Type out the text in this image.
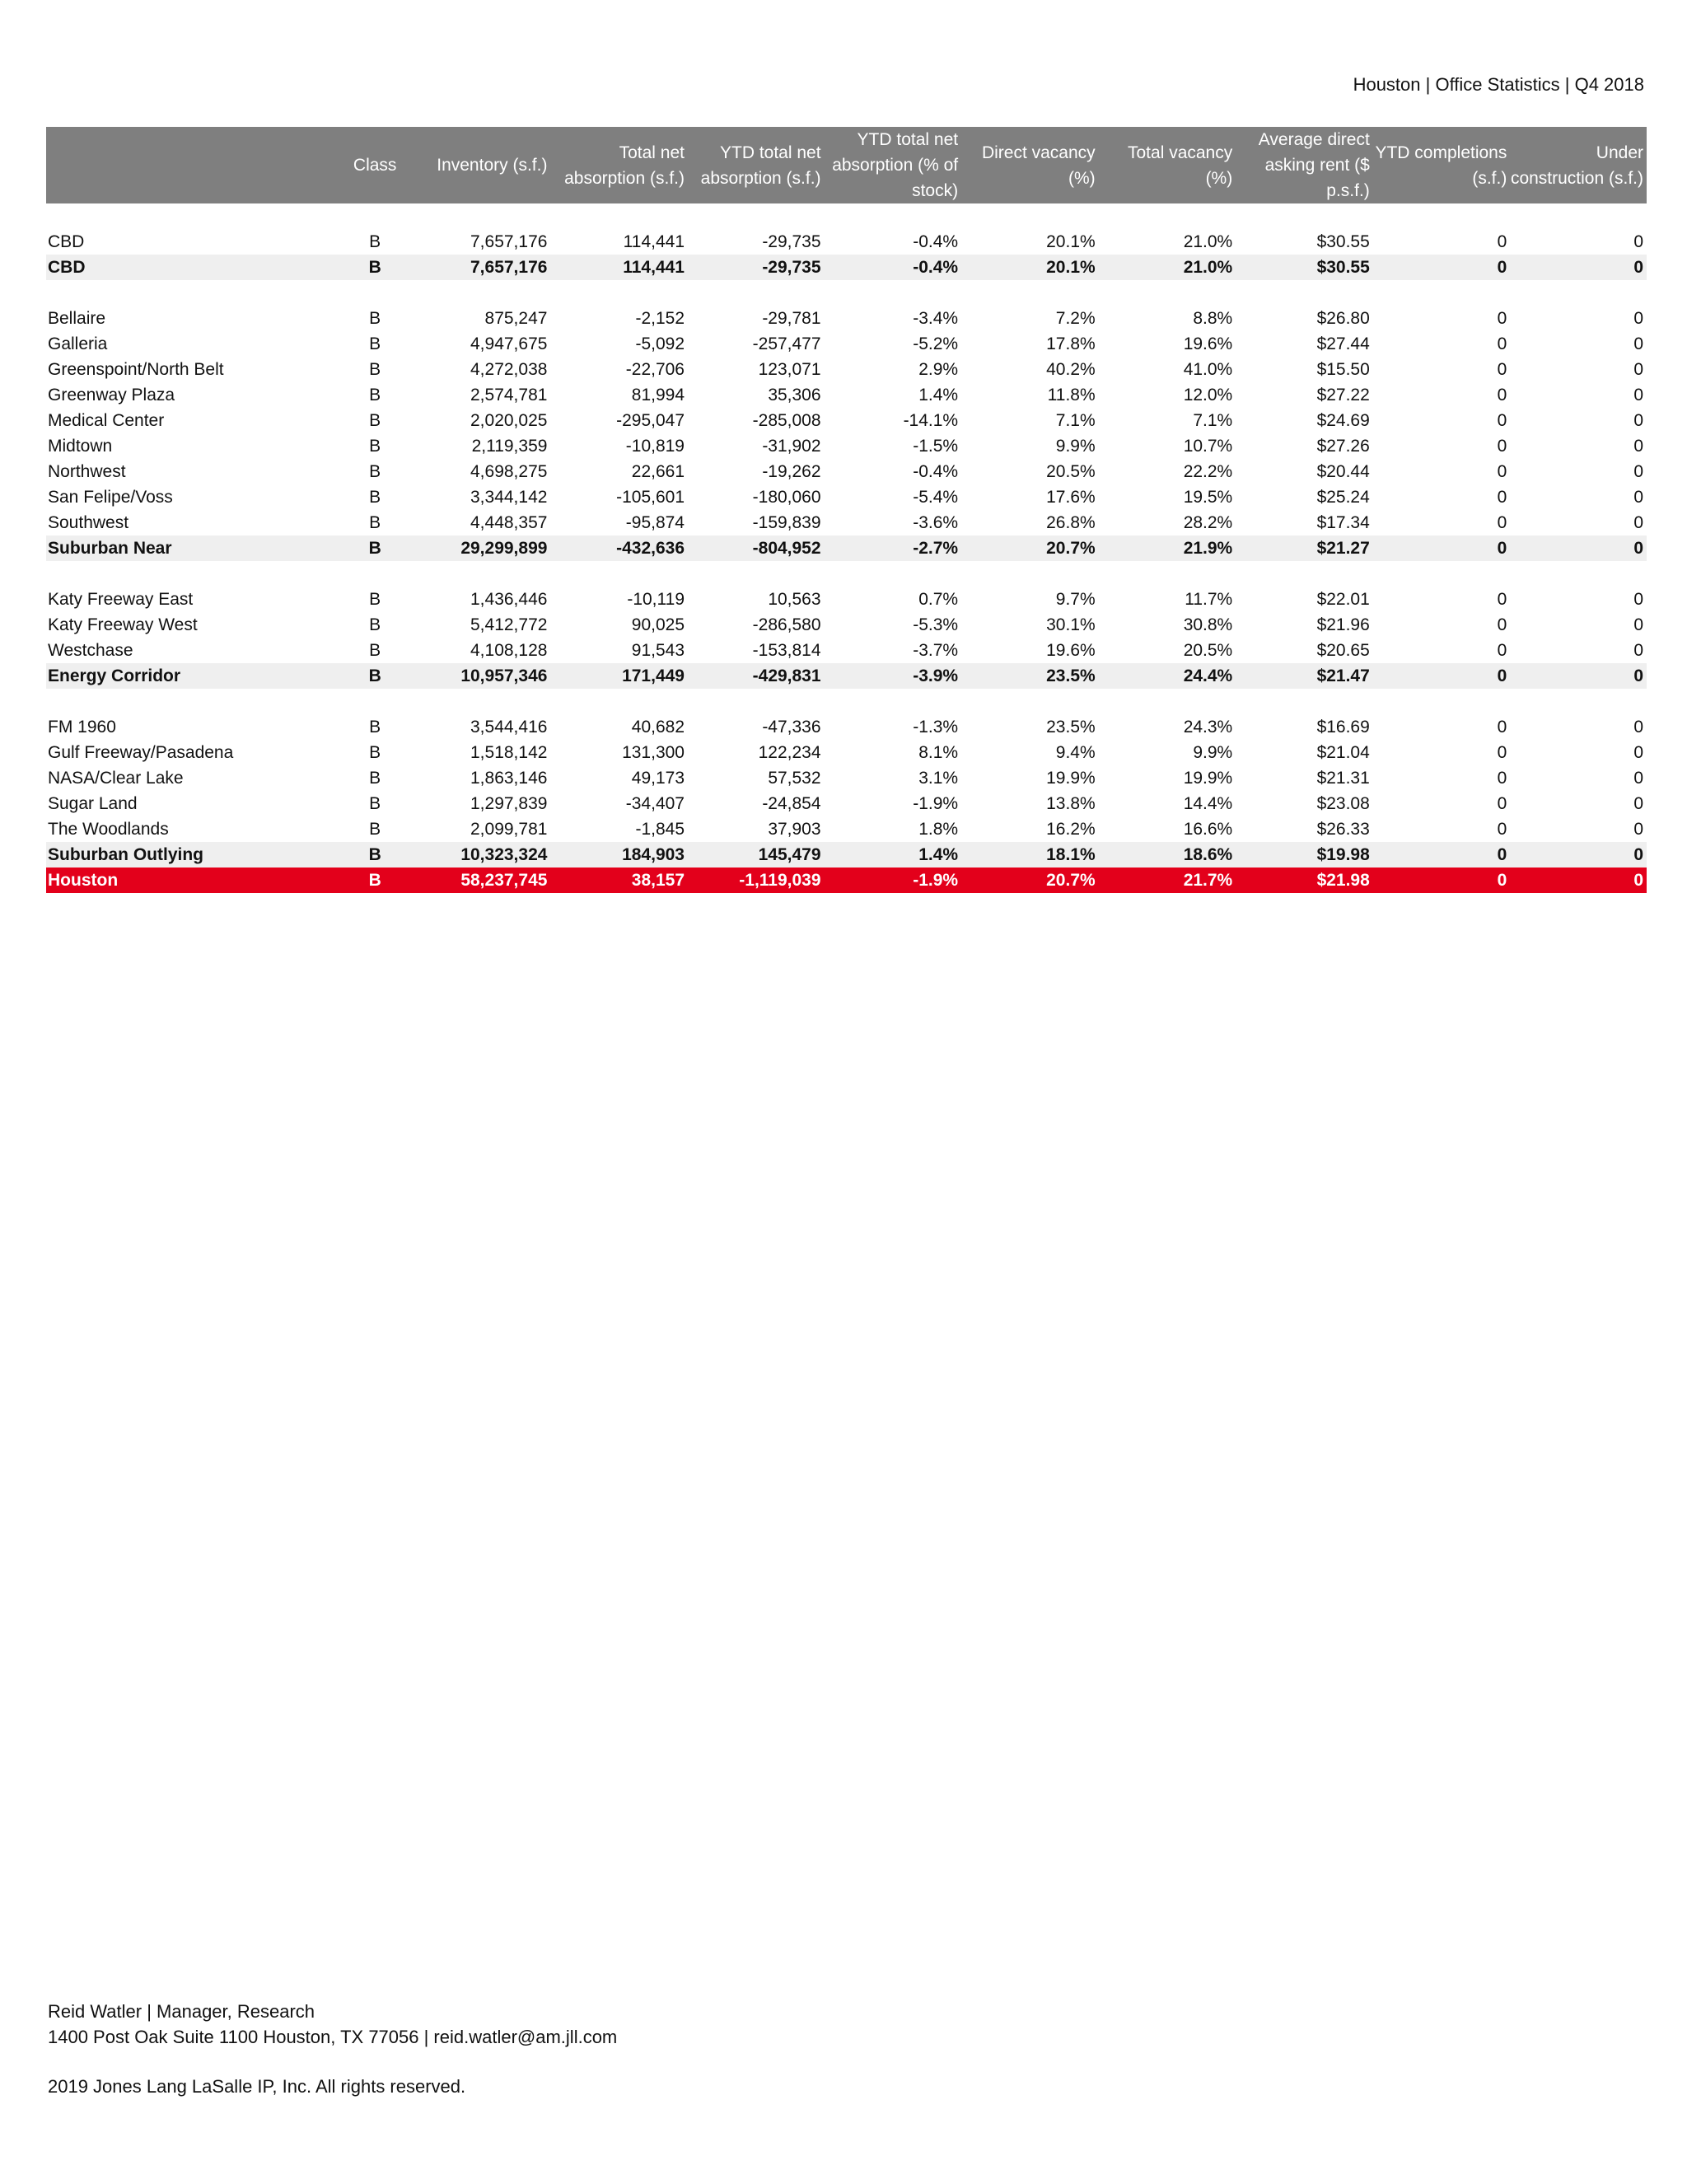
Houston | Office Statistics | Q4 2018
	Class	Inventory (s.f.)	Total net absorption (s.f.)	YTD total net absorption (s.f.)	YTD total net absorption (% of stock)	Direct vacancy (%)	Total vacancy (%)	Average direct asking rent ($ p.s.f.)	YTD completions (s.f.)	Under construction (s.f.)

CBD	B	7,657,176	114,441	-29,735	-0.4%	20.1%	21.0%	$30.55	0	0
CBD	B	7,657,176	114,441	-29,735	-0.4%	20.1%	21.0%	$30.55	0	0

Bellaire	B	875,247	-2,152	-29,781	-3.4%	7.2%	8.8%	$26.80	0	0
Galleria	B	4,947,675	-5,092	-257,477	-5.2%	17.8%	19.6%	$27.44	0	0
Greenspoint/North Belt	B	4,272,038	-22,706	123,071	2.9%	40.2%	41.0%	$15.50	0	0
Greenway Plaza	B	2,574,781	81,994	35,306	1.4%	11.8%	12.0%	$27.22	0	0
Medical Center	B	2,020,025	-295,047	-285,008	-14.1%	7.1%	7.1%	$24.69	0	0
Midtown	B	2,119,359	-10,819	-31,902	-1.5%	9.9%	10.7%	$27.26	0	0
Northwest	B	4,698,275	22,661	-19,262	-0.4%	20.5%	22.2%	$20.44	0	0
San Felipe/Voss	B	3,344,142	-105,601	-180,060	-5.4%	17.6%	19.5%	$25.24	0	0
Southwest	B	4,448,357	-95,874	-159,839	-3.6%	26.8%	28.2%	$17.34	0	0
Suburban Near	B	29,299,899	-432,636	-804,952	-2.7%	20.7%	21.9%	$21.27	0	0

Katy Freeway East	B	1,436,446	-10,119	10,563	0.7%	9.7%	11.7%	$22.01	0	0
Katy Freeway West	B	5,412,772	90,025	-286,580	-5.3%	30.1%	30.8%	$21.96	0	0
Westchase	B	4,108,128	91,543	-153,814	-3.7%	19.6%	20.5%	$20.65	0	0
Energy Corridor	B	10,957,346	171,449	-429,831	-3.9%	23.5%	24.4%	$21.47	0	0

FM 1960	B	3,544,416	40,682	-47,336	-1.3%	23.5%	24.3%	$16.69	0	0
Gulf Freeway/Pasadena	B	1,518,142	131,300	122,234	8.1%	9.4%	9.9%	$21.04	0	0
NASA/Clear Lake	B	1,863,146	49,173	57,532	3.1%	19.9%	19.9%	$21.31	0	0
Sugar Land	B	1,297,839	-34,407	-24,854	-1.9%	13.8%	14.4%	$23.08	0	0
The Woodlands	B	2,099,781	-1,845	37,903	1.8%	16.2%	16.6%	$26.33	0	0
Suburban Outlying	B	10,323,324	184,903	145,479	1.4%	18.1%	18.6%	$19.98	0	0
Houston	B	58,237,745	38,157	-1,119,039	-1.9%	20.7%	21.7%	$21.98	0	0
Reid Watler | Manager, Research
1400 Post Oak Suite 1100 Houston, TX 77056 | reid.watler@am.jll.com
2019 Jones Lang LaSalle IP, Inc. All rights reserved.
